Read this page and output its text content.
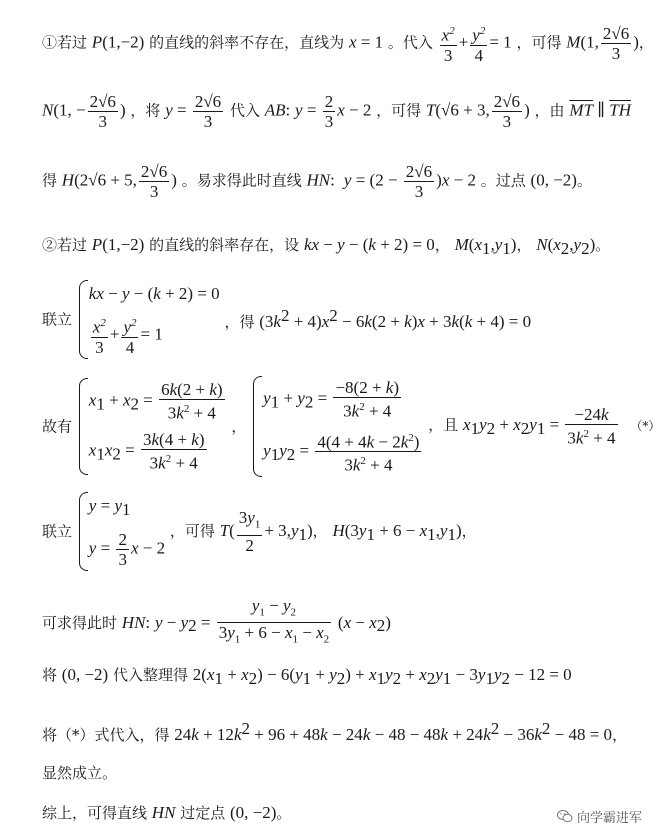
①若过 P(1,−2) 的直线的斜率不存在，直线为 x = 1 。代入 $\frac{x^2}{3} + \frac{y^2}{4} = 1$ ，可得 M(1, $\frac{2√6}{3}$ )，
N(1, − $\frac{2√6}{3}$ ) ，将 $y = \frac{2√6}{3}$ 代入 AB: $y = \frac{2}{3}$ x − 2 ，可得 T(√6 + 3, $\frac{2√6}{3}$ ) ，由 $\overline{MT}$ ∥ $\overline{TH}$
得 H(2√6 + 5, $\frac{2√6}{3}$ ) 。易求得此时直线 HN:  $y = (2 - \frac{2√6}{3} )x - 2$ 。过点 (0, −2)。
②若过 P(1,−2) 的直线的斜率存在，设 kx − y − (k + 2) = 0， $M(x_1,y_1)$， $N(x_2,y_2)$。
联立
kx − y − (k + 2) = 0
$\frac{x^2}{3} + \frac{y^2}{4} = 1$
，得 $(3k^2 + 4)x^2 - 6k(2 + k)x + 3k(k + 4) = 0$
故有
$x_1 + x_2 = \frac{6k(2 + k)}{3k^2 + 4}$
$x_1x_2 = \frac{3k(4 + k)}{3k^2 + 4}$
，
$y_1 + y_2 = \frac{-8(2 + k)}{3k^2 + 4}$
$y_1y_2 = \frac{4(4 + 4k - 2k^2)}{3k^2 + 4}$
，且 $x_1y_2 + x_2y_1 = \frac{-24k}{3k^2 + 4}$ （*）
联立
$y = y_1$
$y = \frac{2}{3}$ x − 2
，可得 $T( \frac{3y_1}{2} + 3,y_1)$， $H(3y_1 + 6 - x_1,y_1)$，
可求得此时 HN: $y - y_2 = \frac{y_1 - y_2}{3y_1 + 6 - x_1 - x_2} (x - x_2)$
将 (0, −2) 代入整理得 $2(x_1 + x_2) - 6(y_1 + y_2) + x_1y_2 + x_2y_1 - 3y_1y_2 - 12 = 0$
将（*）式代入，得 $24k + 12k^2 + 96 + 48k - 24k - 48 - 48k + 24k^2 - 36k^2 - 48 = 0$，
显然成立。
综上，可得直线 HN 过定点 (0, −2)。	向学霸进军
